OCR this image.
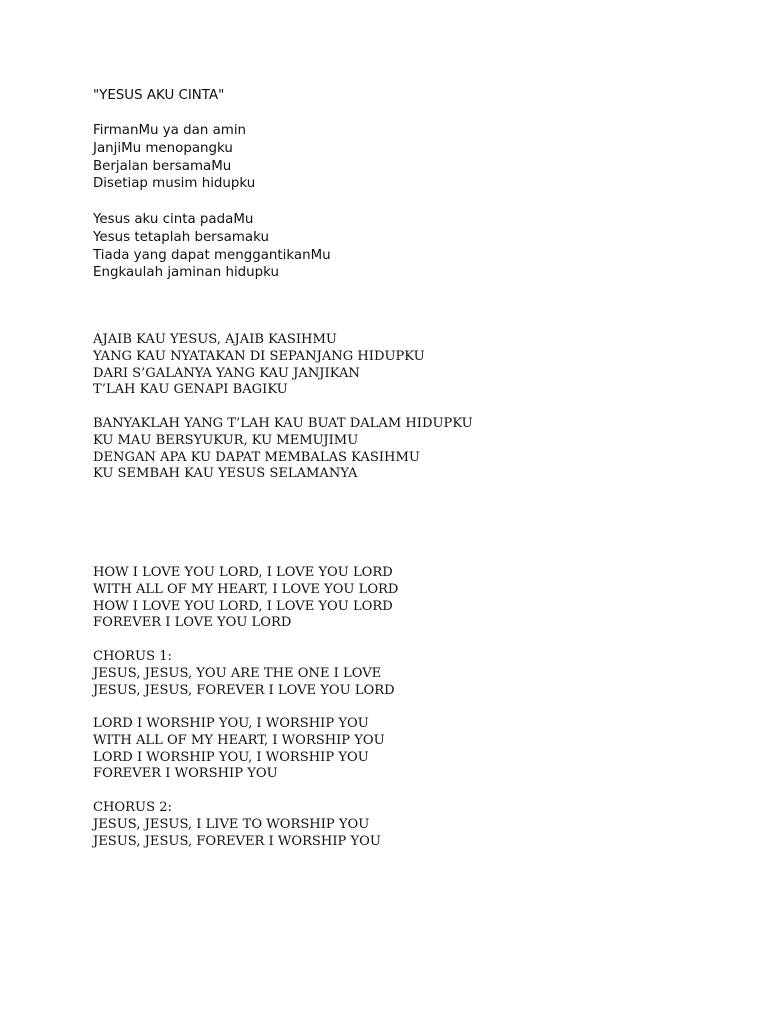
"YESUS AKU CINTA"
FirmanMu ya dan amin
JanjiMu menopangku
Berjalan bersamaMu
Disetiap musim hidupku
Yesus aku cinta padaMu
Yesus tetaplah bersamaku
Tiada yang dapat menggantikanMu
Engkaulah jaminan hidupku
AJAIB KAU YESUS, AJAIB KASIHMU
YANG KAU NYATAKAN DI SEPANJANG HIDUPKU
DARI S’GALANYA YANG KAU JANJIKAN
T’LAH KAU GENAPI BAGIKU
BANYAKLAH YANG T’LAH KAU BUAT DALAM HIDUPKU
KU MAU BERSYUKUR, KU MEMUJIMU
DENGAN APA KU DAPAT MEMBALAS KASIHMU
KU SEMBAH KAU YESUS SELAMANYA
HOW I LOVE YOU LORD, I LOVE YOU LORD
WITH ALL OF MY HEART, I LOVE YOU LORD
HOW I LOVE YOU LORD, I LOVE YOU LORD
FOREVER I LOVE YOU LORD
CHORUS 1:
JESUS, JESUS, YOU ARE THE ONE I LOVE
JESUS, JESUS, FOREVER I LOVE YOU LORD
LORD I WORSHIP YOU, I WORSHIP YOU
WITH ALL OF MY HEART, I WORSHIP YOU
LORD I WORSHIP YOU, I WORSHIP YOU
FOREVER I WORSHIP YOU
CHORUS 2:
JESUS, JESUS, I LIVE TO WORSHIP YOU
JESUS, JESUS, FOREVER I WORSHIP YOU
